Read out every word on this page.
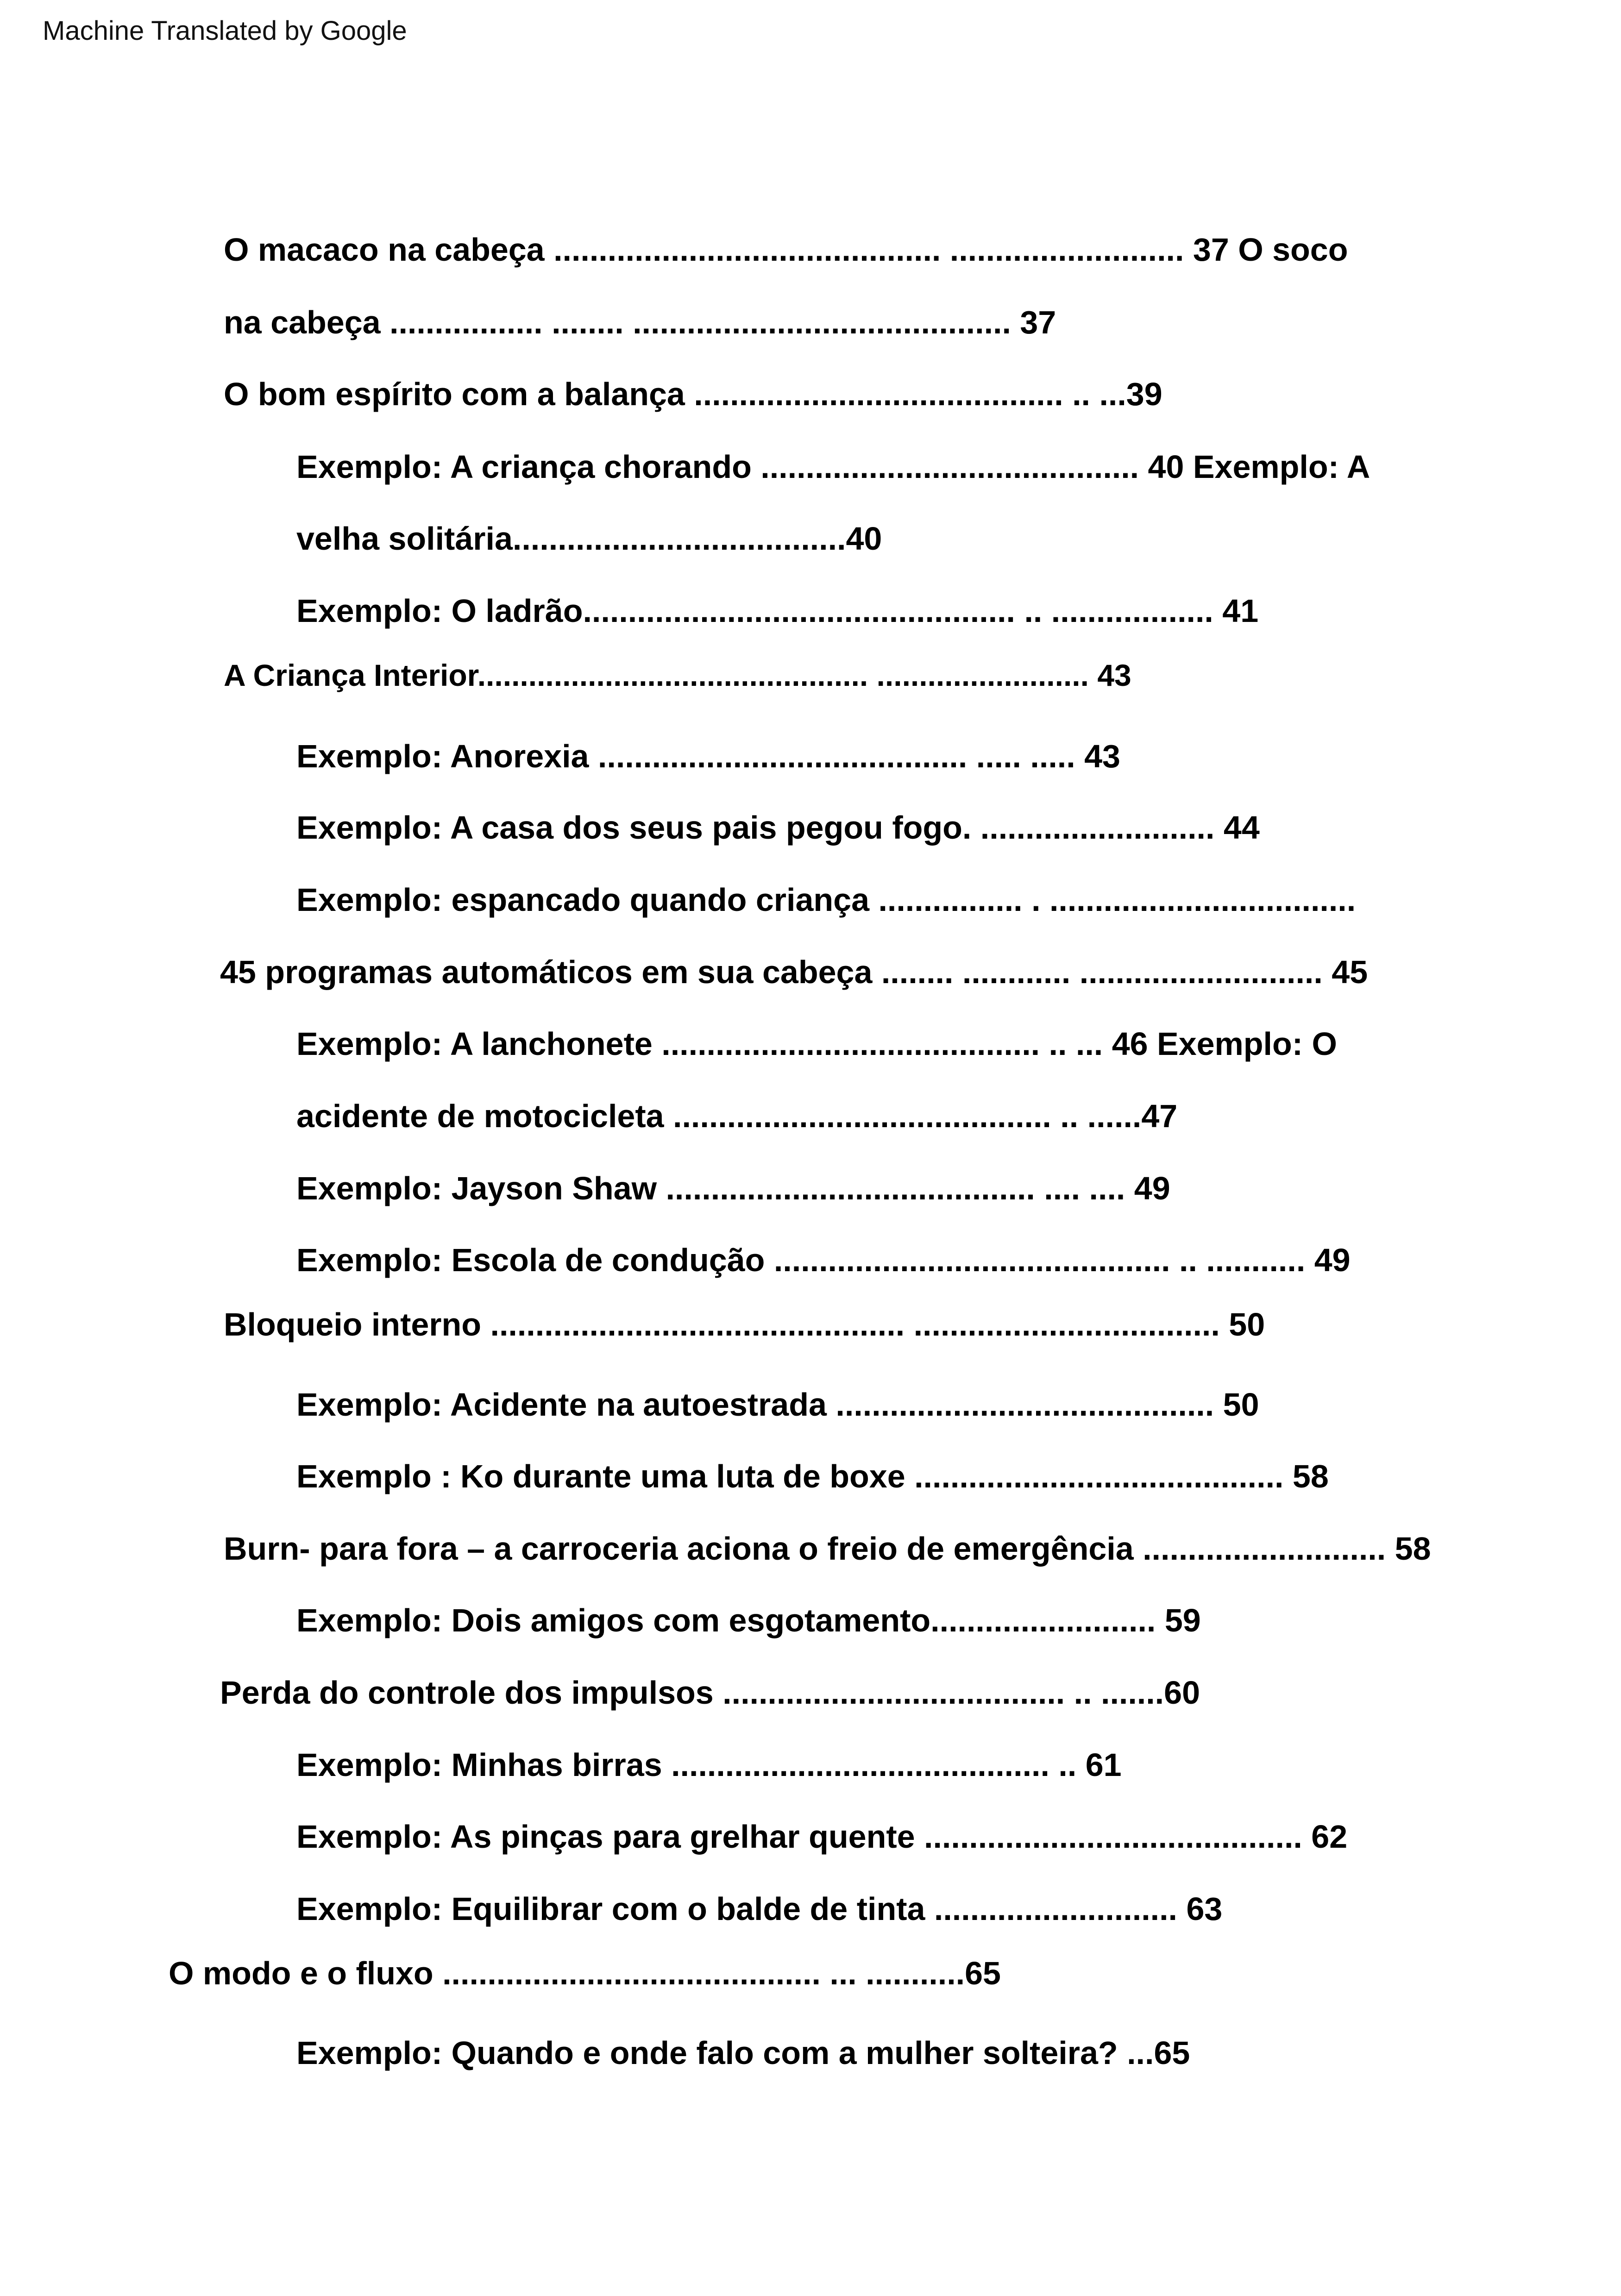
Machine Translated by Google
O macaco na cabeça ........................................... .......................... 37 O soco
na cabeça ................. ........ .......................................... 37
O bom espírito com a balança ......................................... .. ...39
Exemplo: A criança chorando .......................................... 40 Exemplo: A
velha solitária.....................................40
Exemplo: O ladrão................................................ .. .................. 41
A Criança Interior.............................................. ......................... 43
Exemplo: Anorexia ......................................... ..... ..... 43
Exemplo: A casa dos seus pais pegou fogo. .......................... 44
Exemplo: espancado quando criança ................ . ..................................
45 programas automáticos em sua cabeça ........ ............ ........................... 45
Exemplo: A lanchonete .......................................... .. ... 46 Exemplo: O
acidente de motocicleta .......................................... .. ......47
Exemplo: Jayson Shaw ......................................... .... .... 49
Exemplo: Escola de condução ............................................ .. ........... 49
Bloqueio interno .............................................. .................................. 50
Exemplo: Acidente na autoestrada .......................................... 50
Exemplo : Ko durante uma luta de boxe ......................................... 58
Burn- para fora – a carroceria aciona o freio de emergência ........................... 58
Exemplo: Dois amigos com esgotamento......................... 59
Perda do controle dos impulsos ...................................... .. .......60
Exemplo: Minhas birras .......................................... .. 61
Exemplo: As pinças para grelhar quente .......................................... 62
Exemplo: Equilibrar com o balde de tinta ........................... 63
O modo e o fluxo .......................................... ... ...........65
Exemplo: Quando e onde falo com a mulher solteira? ...65
